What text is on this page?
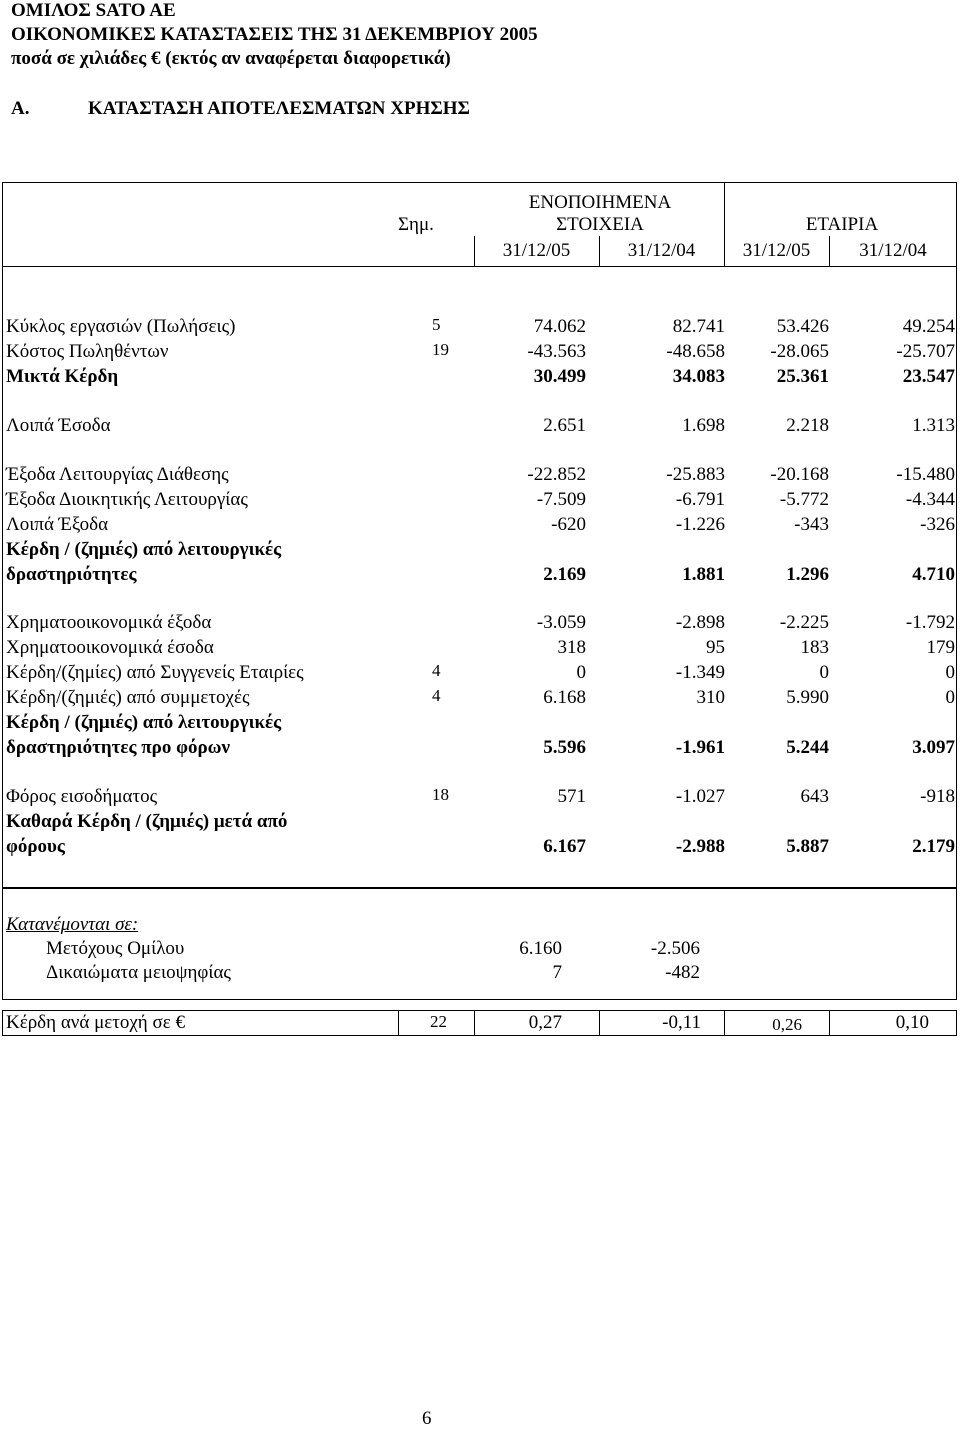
ΟΜΙΛΟΣ SATO AE
ΟΙΚΟΝΟΜΙΚΕΣ ΚΑΤΑΣΤΑΣΕΙΣ ΤΗΣ 31 ΔΕΚΕΜΒΡΙΟΥ 2005
ποσά σε χιλιάδες € (εκτός αν αναφέρεται διαφορετικά)
Α.	ΚΑΤΑΣΤΑΣΗ ΑΠΟΤΕΛΕΣΜΑΤΩΝ ΧΡΗΣΗΣ
Σημ.
ΕΝΟΠΟΙΗΜΕΝΑ
ΣΤΟΙΧΕΙΑ	ΕΤΑΙΡΙΑ
31/12/05	31/12/04	31/12/05	31/12/04
Κύκλος εργασιών (Πωλήσεις)	5	74.062	82.741	53.426	49.254
Κόστος Πωληθέντων	19	-43.563	-48.658	-28.065	-25.707
Μικτά Κέρδη	30.499	34.083	25.361	23.547
Λοιπά Έσοδα	2.651	1.698	2.218	1.313
Έξοδα Λειτουργίας Διάθεσης	-22.852	-25.883	-20.168	-15.480
Έξοδα Διοικητικής Λειτουργίας	-7.509	-6.791	-5.772	-4.344
Λοιπά Έξοδα	-620	-1.226	-343	-326
Κέρδη / (ζημιές) από λειτουργικές
δραστηριότητες	2.169	1.881	1.296	4.710
Χρηματοοικονομικά έξοδα	-3.059	-2.898	-2.225	-1.792
Χρηματοοικονομικά έσοδα	318	95	183	179
Κέρδη/(ζημίες) από Συγγενείς Εταιρίες	4	0	-1.349	0	0
Κέρδη/(ζημιές) από συμμετοχές	4	6.168	310	5.990	0
Κέρδη / (ζημιές) από λειτουργικές
δραστηριότητες προ φόρων	5.596	-1.961	5.244	3.097
Φόρος εισοδήματος	18	571	-1.027	643	-918
Καθαρά Κέρδη / (ζημιές) μετά από
φόρους	6.167	-2.988	5.887	2.179
Κατανέμονται σε:
Μετόχους Ομίλου	6.160	-2.506
Δικαιώματα μειοψηφίας	7	-482
Κέρδη ανά μετοχή σε €	22	0,27	-0,11	0,26	0,10
6
